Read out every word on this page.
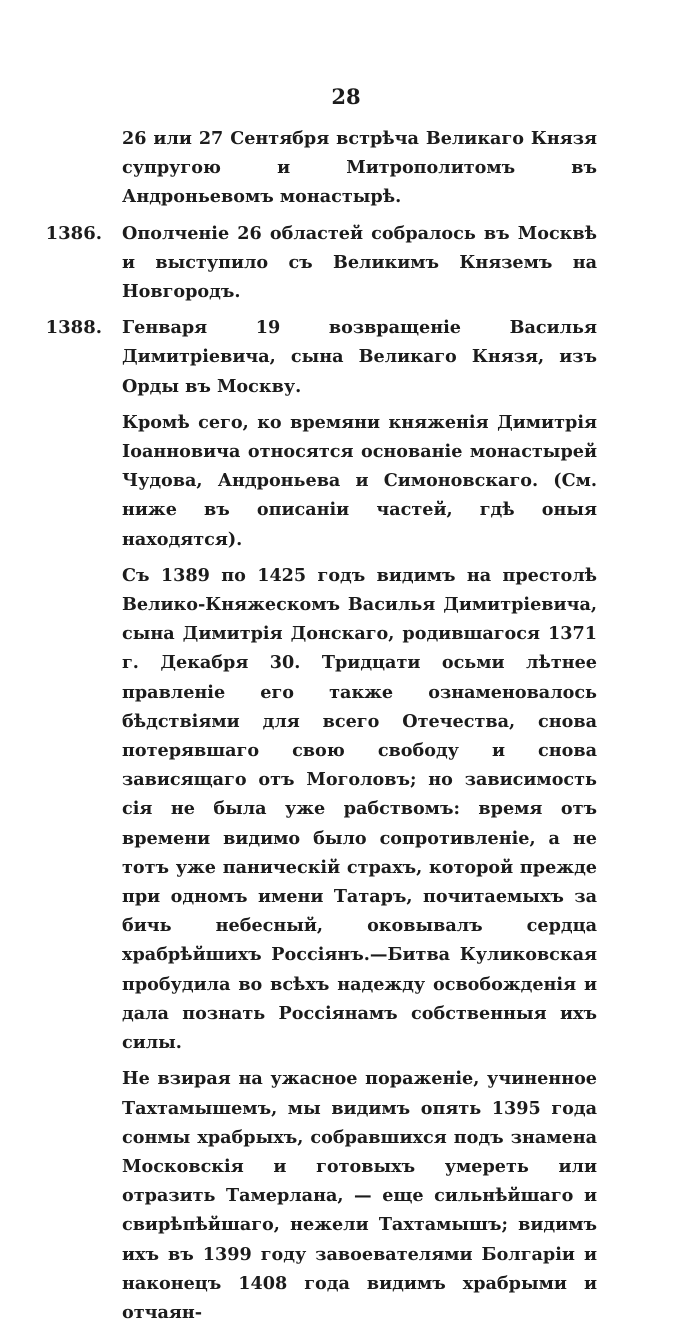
28
26 или 27 Сентября встрѣча Великаго Князя супругою и Митрополитомъ въ Андроньевомъ монастырѣ.
1386. Ополченіе 26 областей собралось въ Москвѣ и выступило съ Великимъ Княземъ на Новгородъ.
1388. Генваря 19 возвращеніе Василья Димитріевича, сына Великаго Князя, изъ Орды въ Москву.
Кромѣ сего, ко времяни княженія Димитрія Іоанновича относятся основаніе монастырей Чудова, Андроньева и Симоновскаго. (См. ниже въ описаніи частей, гдѣ оныя находятся).
Съ 1389 по 1425 годъ видимъ на престолѣ Велико-Княжескомъ Василья Димитріевича, сына Димитрія Донскаго, родившагося 1371 г. Декабря 30. Тридцати осьми лѣтнее правленіе его также ознаменовалось бѣдствіями для всего Отечества, снова потерявшаго свою свободу и снова зависящаго отъ Моголовъ; но зависимость сія не была уже рабствомъ: время отъ времени видимо было сопротивленіе, а не тотъ уже паническій страхъ, которой прежде при одномъ имени Татаръ, почитаемыхъ за бичь небесный, оковывалъ сердца храбрѣйшихъ Россіянъ.—Битва Куликовская пробудила во всѣхъ надежду освобожденія и дала познать Россіянамъ собственныя ихъ силы.
Не взирая на ужасное пораженіе, учиненное Тахтамышемъ, мы видимъ опять 1395 года сонмы храбрыхъ, собравшихся подъ знамена Московскія и готовыхъ умереть или отразить Тамерлана, — еще сильнѣйшаго и свирѣпѣйшаго, нежели Тахтамышъ; видимъ ихъ въ 1399 году завоевателями Болгаріи и наконецъ 1408 года видимъ храбрыми и отчаян-
